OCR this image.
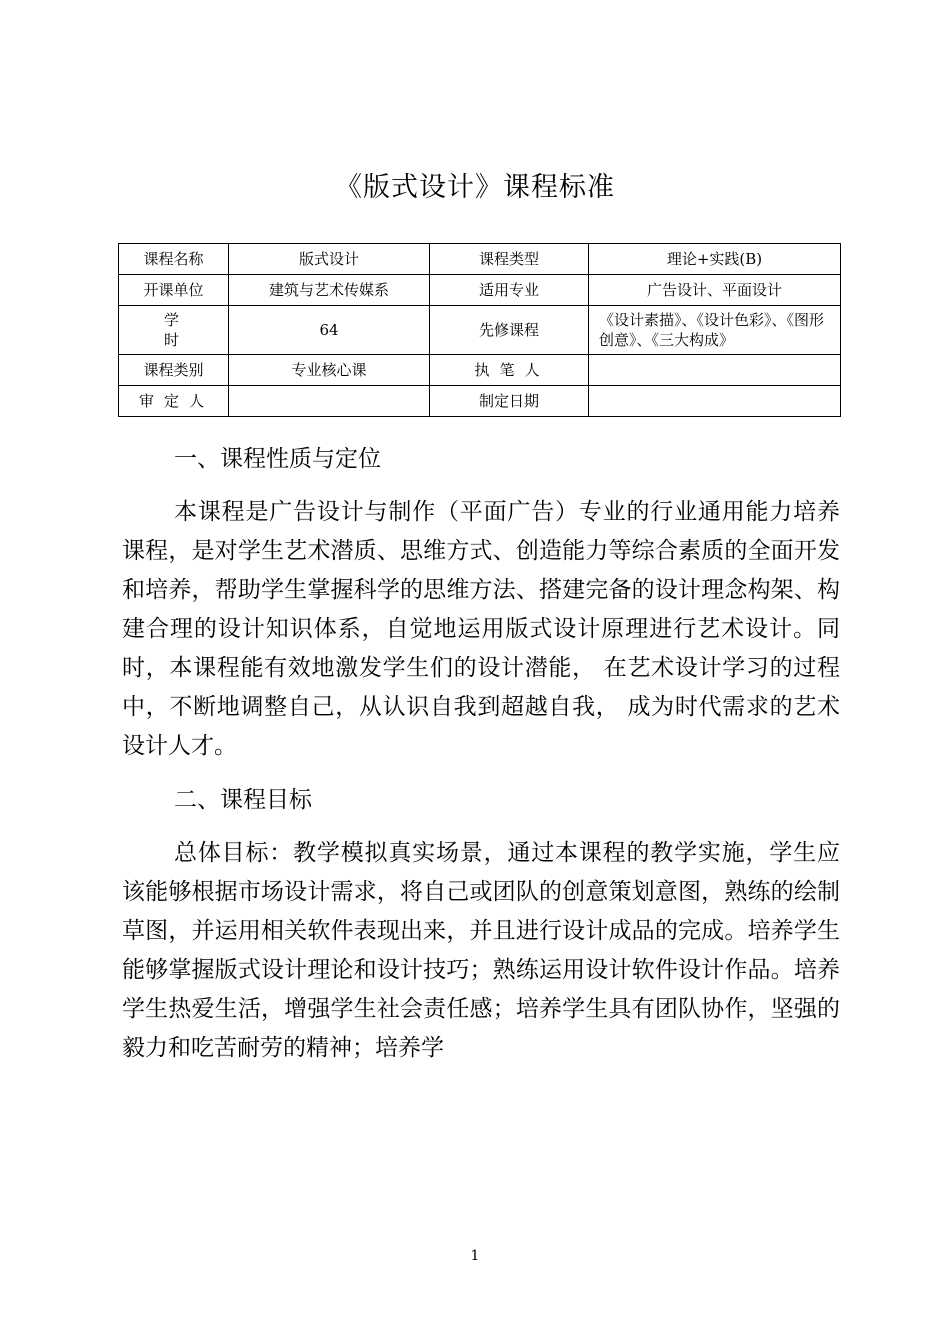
《版式设计》课程标准
课程名称	版式设计	课程类型	理论+实践(B)
开课单位	建筑与艺术传媒系	适用专业	广告设计、平面设计
学时	64	先修课程	《设计素描》、《设计色彩》、《图形创意》、《三大构成》
课程类别	专业核心课	执笔人	
审定人		制定日期	
一、课程性质与定位

本课程是广告设计与制作（平面广告）专业的行业通用能力培养课程，是对学生艺术潜质、思维方式、创造能力等综合素质的全面开发和培养，帮助学生掌握科学的思维方法、搭建完备的设计理念构架、构建合理的设计知识体系，自觉地运用版式设计原理进行艺术设计。同时，本课程能有效地激发学生们的设计潜能， 在艺术设计学习的过程中，不断地调整自己，从认识自我到超越自我， 成为时代需求的艺术设计人才。

二、课程目标

总体目标：教学模拟真实场景，通过本课程的教学实施，学生应该能够根据市场设计需求，将自己或团队的创意策划意图，熟练的绘制草图，并运用相关软件表现出来，并且进行设计成品的完成。培养学生能够掌握版式设计理论和设计技巧；熟练运用设计软件设计作品。培养学生热爱生活，增强学生社会责任感；培养学生具有团队协作，坚强的毅力和吃苦耐劳的精神；培养学

1
